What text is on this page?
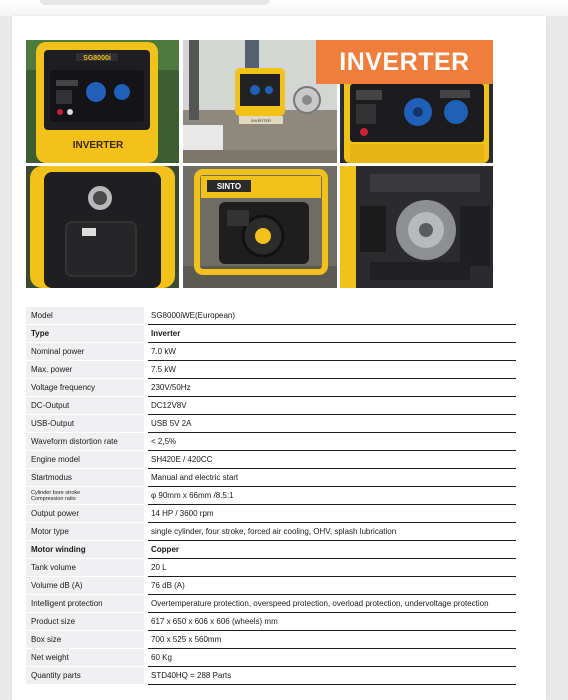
SG8000i
INVERTER
INVERTER
SINTO
INVERTER
Model		SG8000iWE(European)
Type		Inverter
Nominal power		7.0 kW
Max. power		7.5 kW
Voltage frequency		230V/50Hz
DC-Output		DC12V8V
USB-Output		USB 5V 2A
Waveform distortion rate		< 2,5%
Engine model		SH420E / 420CC
Startmodus		Manual and electric start

Cylinder bore stroke
Compression ratio		φ 90mm x 66mm /8.5:1
Output power		14 HP / 3600 rpm
Motor type		single cylinder, four stroke, forced air cooling, OHV, splash lubrication
Motor winding		Copper
Tank volume		20 L
Volume dB (A)		76 dB (A)
Intelligent protection		Overtemperature protection, overspeed protection, overload protection, undervoltage protection
Product size		617 x 650 x 606 x 606 (wheels) mm
Box size		700 x 525 x 560mm
Net weight		60 Kg
Quantity parts		STD40HQ = 288 Parts
